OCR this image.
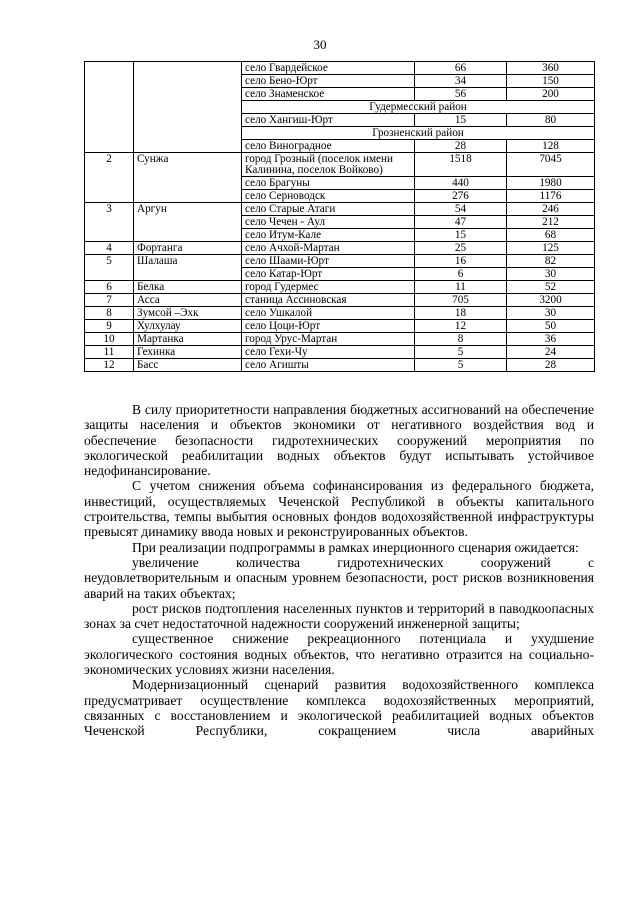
30
		село Гвардейское	66	360
		село Бено-Юрт	34	150
		село Знаменское	56	200
		Гудермесский район		
		село Хангиш-Юрт	15	80
		Грозненский район		
		село Виноградное	28	128
2	Сунжа	город Грозный (поселок имени Калинина, поселок Войково)	1518	7045
		село Брагуны	440	1980
		село Серноводск	276	1176
3	Аргун	село Старые Атаги	54	246
		село Чечен - Аул	47	212
		село Итум-Кале	15	68
4	Фортанга	село Ачхой-Мартан	25	125
5	Шалаша	село Шаами-Юрт	16	82
		село Катар-Юрт	6	30
6	Белка	город Гудермес	11	52
7	Асса	станица Ассиновская	705	3200
8	Зумсой –Эхк	село Ушкалой	18	30
9	Хулхулау	село Цоци-Юрт	12	50
10	Мартанка	город Урус-Мартан	8	36
11	Гехинка	село Гехи-Чу	5	24
12	Басс	село Агишты	5	28

В силу приоритетности направления бюджетных ассигнований на обеспечение защиты населения и объектов экономики от негативного воздействия вод и обеспечение безопасности гидротехнических сооружений мероприятия по экологической реабилитации водных объектов будут испытывать устойчивое недофинансирование.

С учетом снижения объема софинансирования из федерального бюджета, инвестиций, осуществляемых Чеченской Республикой в объекты капитального строительства, темпы выбытия основных фондов водохозяйственной инфраструктуры превысят динамику ввода новых и реконструированных объектов.

При реализации подпрограммы в рамках инерционного сценария ожидается:

увеличение количества гидротехнических сооружений с неудовлетворительным и опасным уровнем безопасности, рост рисков возникновения аварий на таких объектах;

рост рисков подтопления населенных пунктов и территорий в паводкоопасных зонах за счет недостаточной надежности сооружений инженерной защиты;

существенное снижение рекреационного потенциала и ухудшение экологического состояния водных объектов, что негативно отразится на социально-экономических условиях жизни населения.

Модернизационный сценарий развития водохозяйственного комплекса предусматривает осуществление комплекса водохозяйственных мероприятий, связанных с восстановлением и экологической реабилитацией водных объектов Чеченской Республики, сокращением числа аварийных
